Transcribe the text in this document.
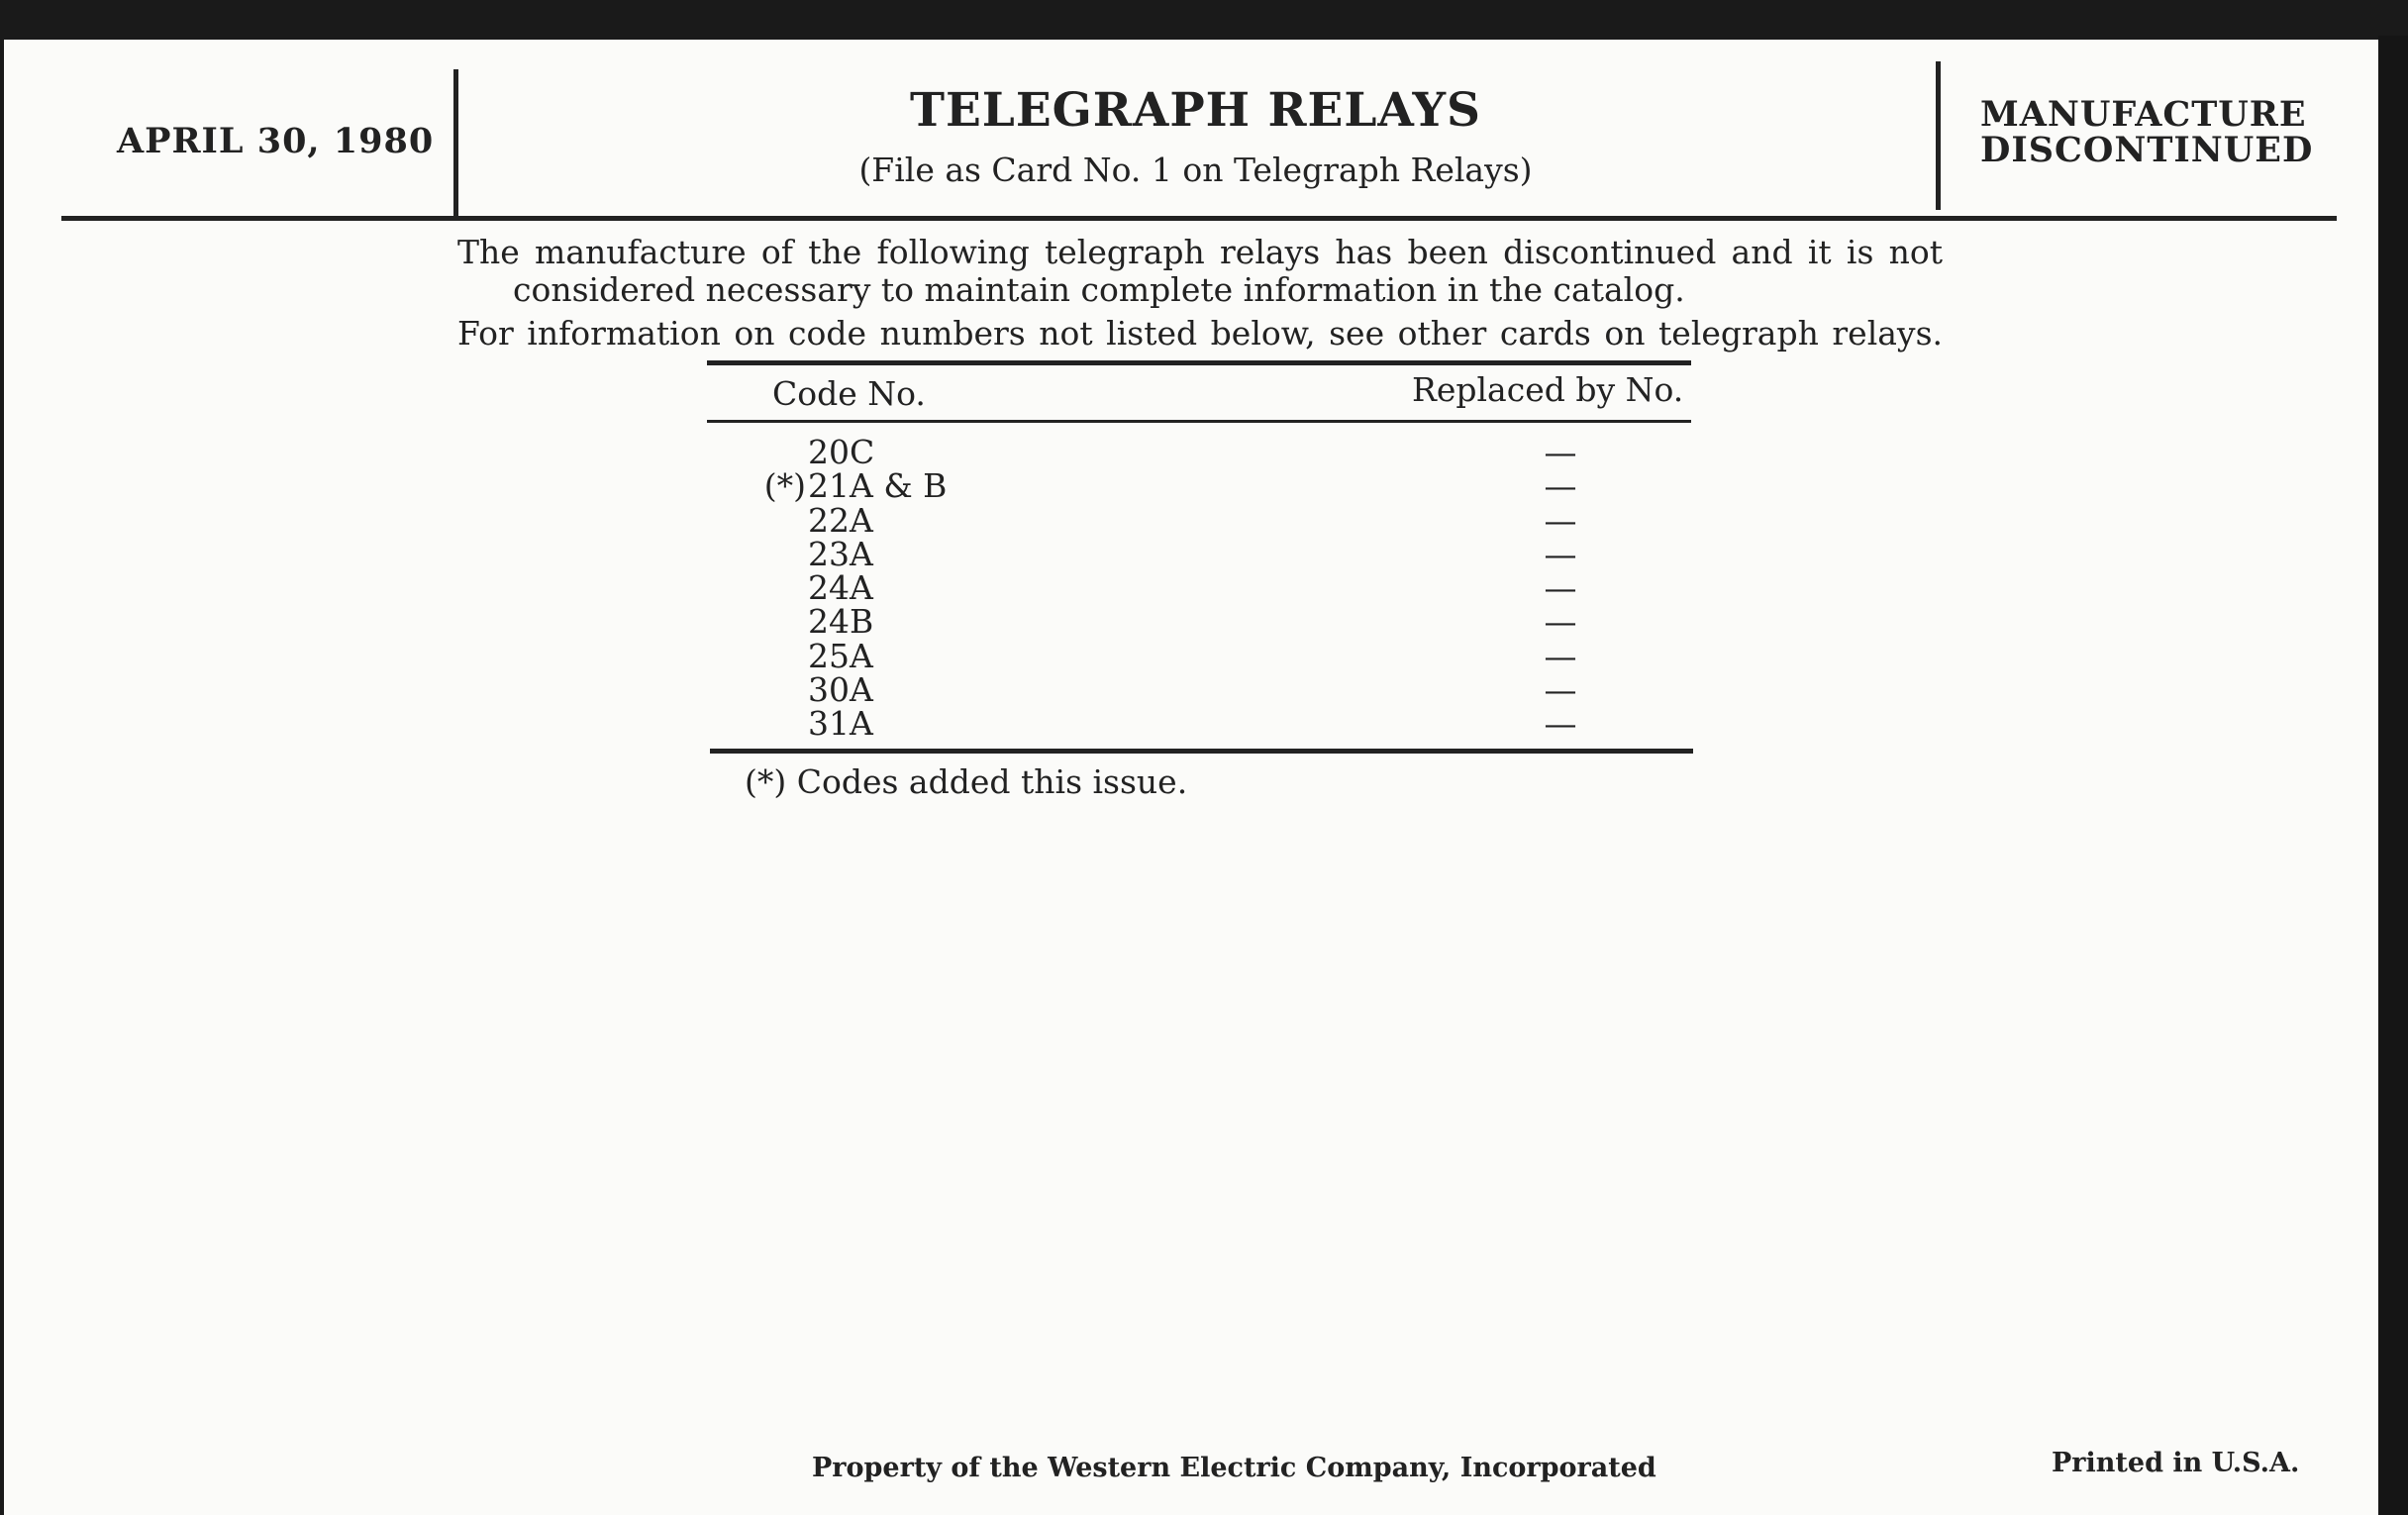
APRIL 30, 1980
TELEGRAPH RELAYS
(File as Card No. 1 on Telegraph Relays)
MANUFACTURE
DISCONTINUED

The manufacture of the following telegraph relays has been discontinued and it is not

considered necessary to maintain complete information in the catalog.

For information on code numbers not listed below, see other cards on telegraph relays.

Code No.	Replaced by No.
20C	—
(*) 21A & B	—
22A	—
23A	—
24A	—
24B	—
25A	—
30A	—
31A	—
(*) Codes added this issue.
Property of the Western Electric Company, Incorporated	Printed in U.S.A.
